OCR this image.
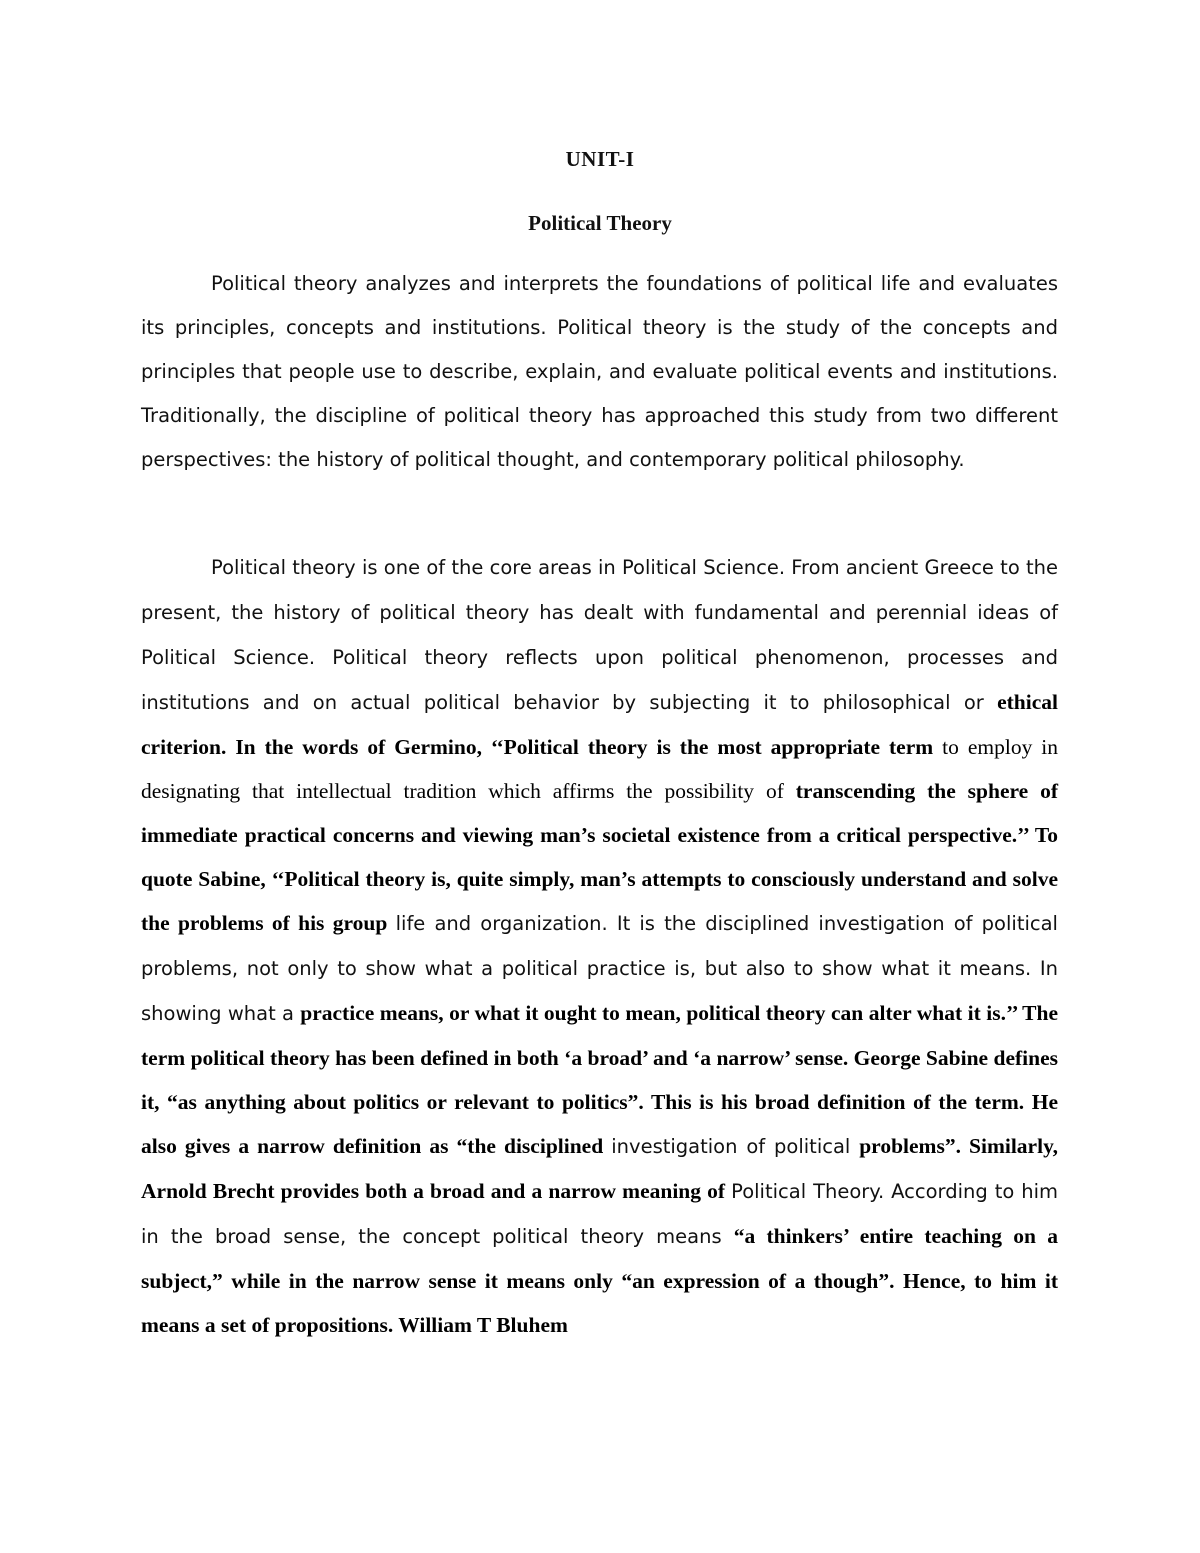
UNIT-I
Political Theory

Political theory analyzes and interprets the foundations of political life and evaluates its principles, concepts and institutions. Political theory is the study of the concepts and principles that people use to describe, explain, and evaluate political events and institutions. Traditionally, the discipline of political theory has approached this study from two different perspectives: the history of political thought, and contemporary political philosophy.

Political theory is one of the core areas in Political Science. From ancient Greece to the present, the history of political theory has dealt with fundamental and perennial ideas of Political Science. Political theory reflects upon political phenomenon, processes and institutions and on actual political behavior by subjecting it to philosophical or ethical criterion. In the words of Germino, ‘‘Political theory is the most appropriate term to employ in designating that intellectual tradition which affirms the possibility of transcending the sphere of immediate practical concerns and viewing man’s societal existence from a critical perspective.’’ To quote Sabine, ‘‘Political theory is, quite simply, man’s attempts to consciously understand and solve the problems of his group life and organization. It is the disciplined investigation of political problems, not only to show what a political practice is, but also to show what it means. In showing what a practice means, or what it ought to mean, political theory can alter what it is.’’ The term political theory has been defined in both ‘a broad’ and ‘a narrow’ sense. George Sabine defines it, “as anything about politics or relevant to politics”. This is his broad definition of the term. He also gives a narrow definition as “the disciplined investigation of political problems”. Similarly, Arnold Brecht provides both a broad and a narrow meaning of Political Theory. According to him in the broad sense, the concept political theory means “a thinkers’ entire teaching on a subject,” while in the narrow sense it means only “an expression of a though”. Hence, to him it means a set of propositions. William T Bluhem
